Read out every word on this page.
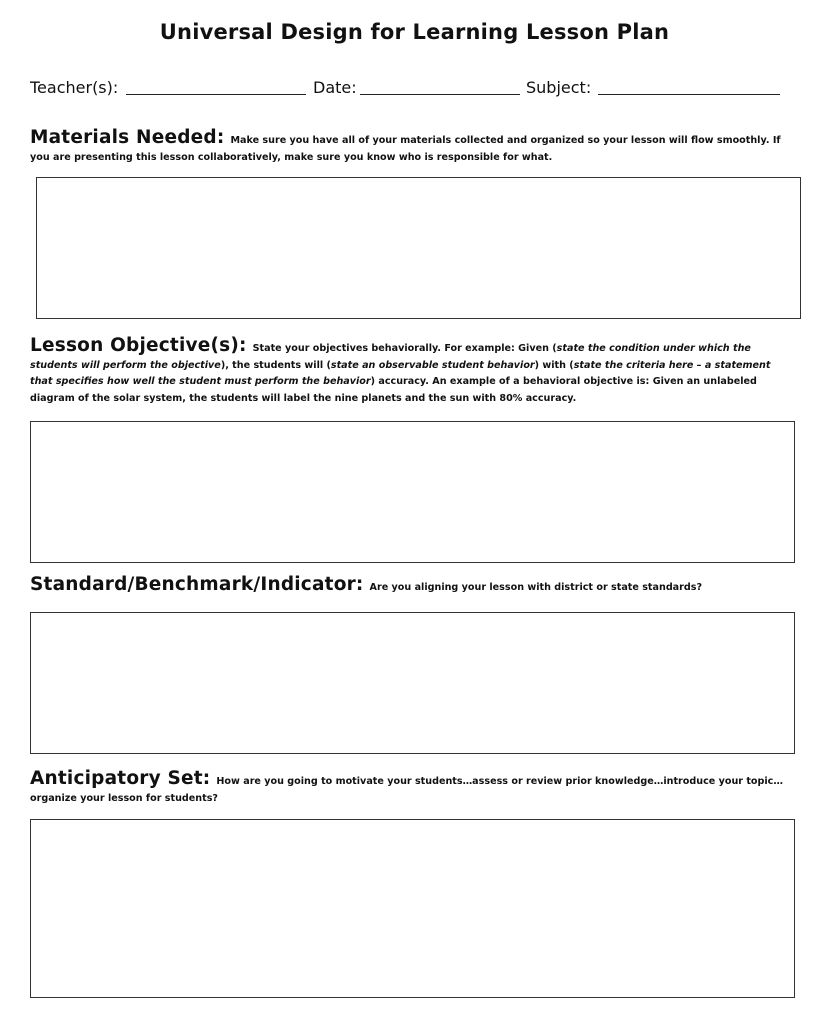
Universal Design for Learning Lesson Plan
Teacher(s):	Date:	Subject:
Materials Needed: Make sure you have all of your materials collected and organized so your lesson will flow smoothly. If you are presenting this lesson collaboratively, make sure you know who is responsible for what.
Lesson Objective(s): State your objectives behaviorally. For example: Given (state the condition under which the students will perform the objective), the students will (state an observable student behavior) with (state the criteria here – a statement that specifies how well the student must perform the behavior) accuracy. An example of a behavioral objective is: Given an unlabeled diagram of the solar system, the students will label the nine planets and the sun with 80% accuracy.
Standard/Benchmark/Indicator: Are you aligning your lesson with district or state standards?
Anticipatory Set: How are you going to motivate your students…assess or review prior knowledge…introduce your topic…organize your lesson for students?
